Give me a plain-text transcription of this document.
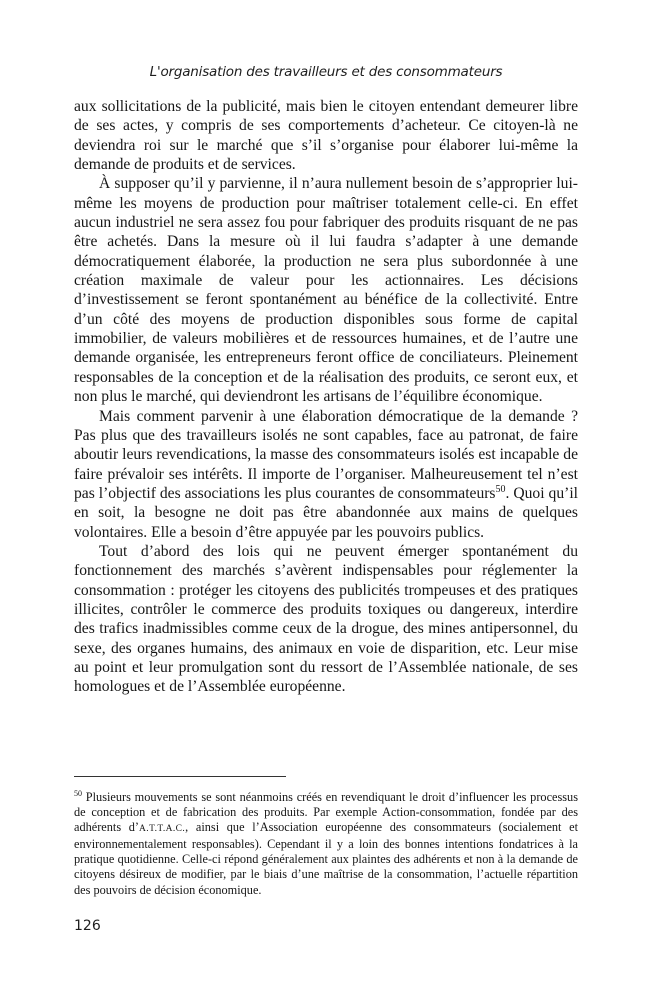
L'organisation des travailleurs et des consommateurs

aux sollicitations de la publicité, mais bien le citoyen entendant demeurer libre de ses actes, y compris de ses comportements d’acheteur. Ce citoyen-là ne deviendra roi sur le marché que s’il s’organise pour élaborer lui-même la demande de produits et de services.

À supposer qu’il y parvienne, il n’aura nullement besoin de s’approprier lui-même les moyens de production pour maîtriser totalement celle-ci. En effet aucun industriel ne sera assez fou pour fabriquer des produits risquant de ne pas être achetés. Dans la mesure où il lui faudra s’adapter à une demande démocratiquement élaborée, la production ne sera plus subordonnée à une création maximale de valeur pour les actionnaires. Les décisions d’investissement se feront spontanément au bénéfice de la collectivité. Entre d’un côté des moyens de production disponibles sous forme de capital immobilier, de valeurs mobilières et de ressources humaines, et de l’autre une demande organisée, les entrepreneurs feront office de conciliateurs. Pleinement responsables de la conception et de la réalisation des produits, ce seront eux, et non plus le marché, qui deviendront les artisans de l’équilibre économique.

Mais comment parvenir à une élaboration démocratique de la demande ? Pas plus que des travailleurs isolés ne sont capables, face au patronat, de faire aboutir leurs revendications, la masse des consommateurs isolés est incapable de faire prévaloir ses intérêts. Il importe de l’organiser. Malheureusement tel n’est pas l’objectif des associations les plus courantes de consommateurs$^{50}$. Quoi qu’il en soit, la besogne ne doit pas être abandonnée aux mains de quelques volontaires. Elle a besoin d’être appuyée par les pouvoirs publics.

Tout d’abord des lois qui ne peuvent émerger spontanément du fonctionnement des marchés s’avèrent indispensables pour réglementer la consommation : protéger les citoyens des publicités trompeuses et des pratiques illicites, contrôler le commerce des produits toxiques ou dangereux, interdire des trafics inadmissibles comme ceux de la drogue, des mines antipersonnel, du sexe, des organes humains, des animaux en voie de disparition, etc. Leur mise au point et leur promulgation sont du ressort de l’Assemblée nationale, de ses homologues et de l’Assemblée européenne.

$^{50}$ Plusieurs mouvements se sont néanmoins créés en revendiquant le droit d’influencer les processus de conception et de fabrication des produits. Par exemple Action-consommation, fondée par des adhérents d’A.T.T.A.C., ainsi que l’Association européenne des consommateurs (socialement et environnementalement responsables). Cependant il y a loin des bonnes intentions fondatrices à la pratique quotidienne. Celle-ci répond généralement aux plaintes des adhérents et non à la demande de citoyens désireux de modifier, par le biais d’une maîtrise de la consommation, l’actuelle répartition des pouvoirs de décision économique.

126
